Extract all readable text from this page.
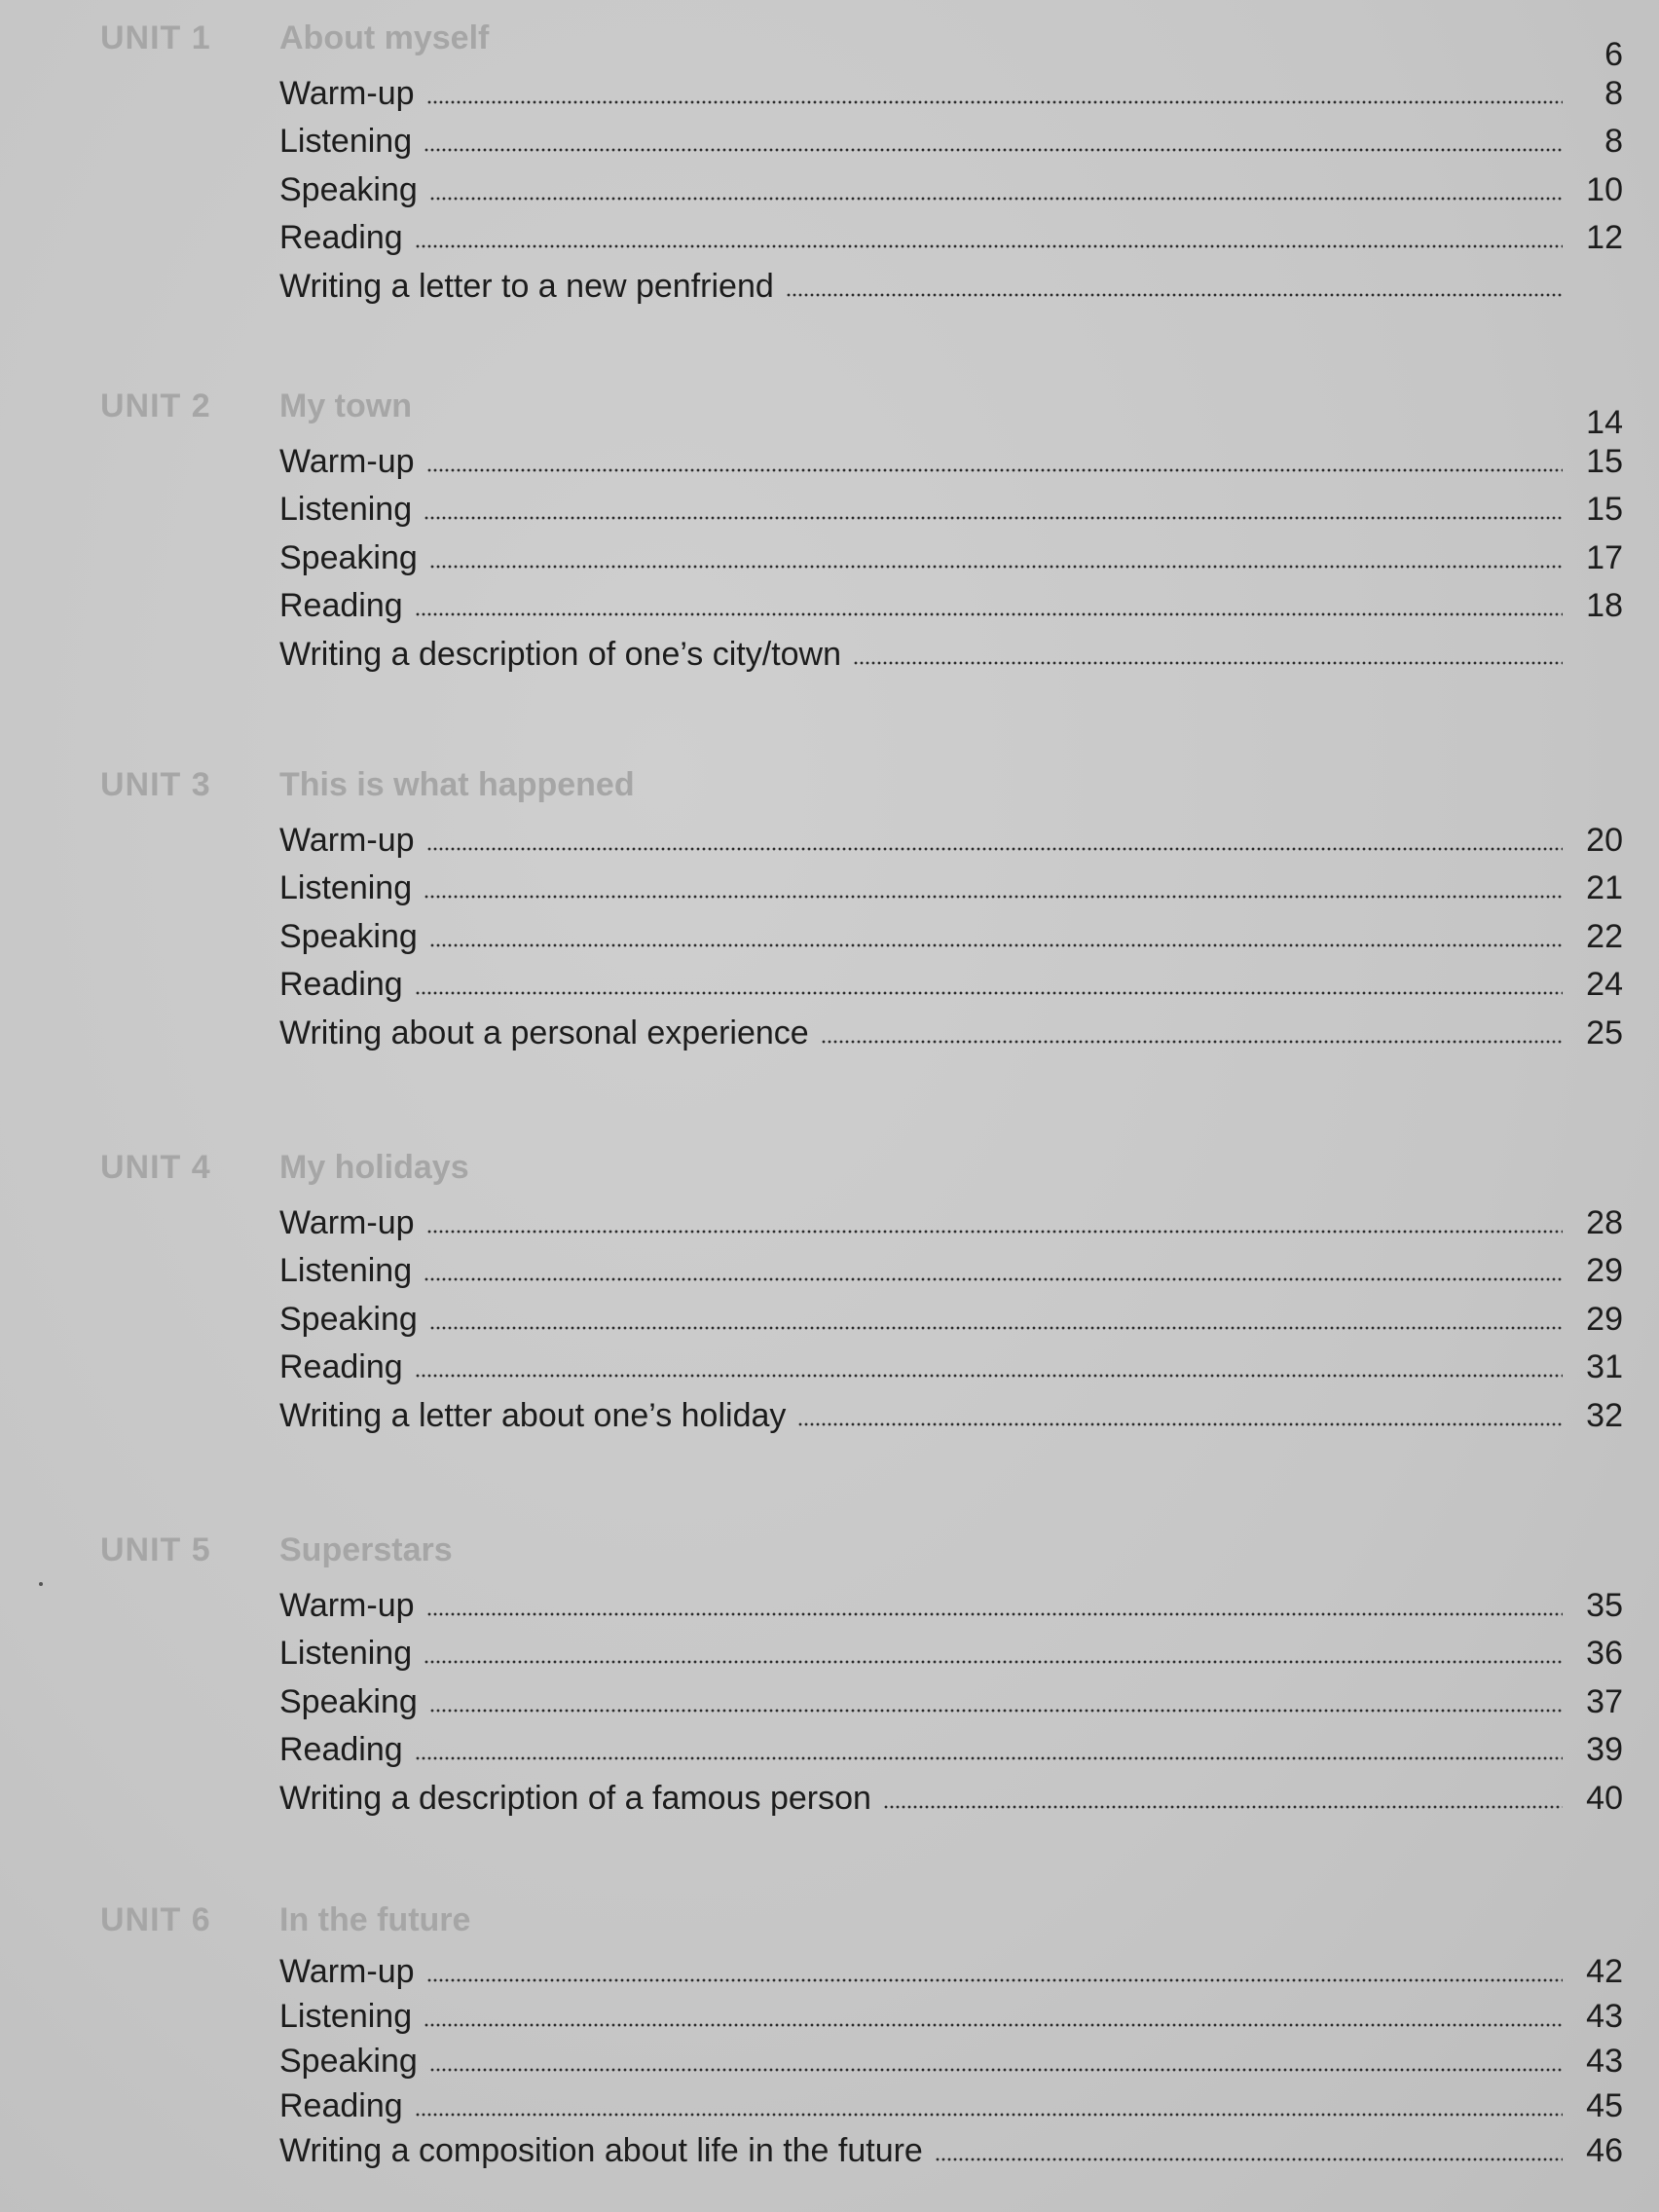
UNIT 1 About myself	6
Warm-up	8
Listening	8
Speaking	10
Reading	12
Writing a letter to a new penfriend
UNIT 2 My town	14
Warm-up	15
Listening	15
Speaking	17
Reading	18
Writing a description of one’s city/town
UNIT 3 This is what happened
Warm-up	20
Listening	21
Speaking	22
Reading	24
Writing about a personal experience	25
UNIT 4 My holidays
Warm-up	28
Listening	29
Speaking	29
Reading	31
Writing a letter about one’s holiday	32
UNIT 5 Superstars
Warm-up	35
Listening	36
Speaking	37
Reading	39
Writing a description of a famous person	40
UNIT 6 In the future
Warm-up	42
Listening	43
Speaking	43
Reading	45
Writing a composition about life in the future	46
